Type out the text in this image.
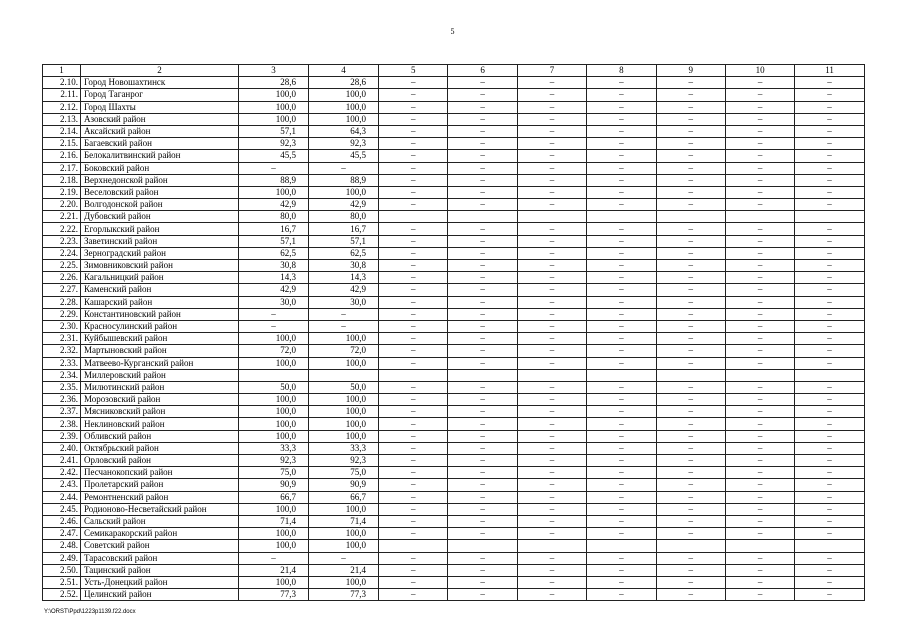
5
1	2	3	4	5	6	7	8	9	10	11
2.10.	Город Новошахтинск	28,6	28,6	–	–	–	–	–	–	–
2.11.	Город Таганрог	100,0	100,0	–	–	–	–	–	–	–
2.12.	Город Шахты	100,0	100,0	–	–	–	–	–	–	–
2.13.	Азовский район	100,0	100,0	–	–	–	–	–	–	–
2.14.	Аксайский район	57,1	64,3	–	–	–	–	–	–	–
2.15.	Багаевский район	92,3	92,3	–	–	–	–	–	–	–
2.16.	Белокалитвинский район	45,5	45,5	–	–	–	–	–	–	–
2.17.	Боковский район	–	–	–	–	–	–	–	–	–
2.18.	Верхнедонской район	88,9	88,9	–	–	–	–	–	–	–
2.19.	Веселовский район	100,0	100,0	–	–	–	–	–	–	–
2.20.	Волгодонской район	42,9	42,9	–	–	–	–	–	–	–
2.21.	Дубовский район	80,0	80,0							
2.22.	Егорлыкский район	16,7	16,7	–	–	–	–	–	–	–
2.23.	Заветинский район	57,1	57,1	–	–	–	–	–	–	–
2.24.	Зерноградский район	62,5	62,5	–	–	–	–	–	–	–
2.25.	Зимовниковский район	30,8	30,8	–	–	–	–	–	–	–
2.26.	Кагальницкий район	14,3	14,3	–	–	–	–	–	–	–
2.27.	Каменский район	42,9	42,9	–	–	–	–	–	–	–
2.28.	Кашарский район	30,0	30,0	–	–	–	–	–	–	–
2.29.	Константиновский район	–	–	–	–	–	–	–	–	–
2.30.	Красносулинский район	–	–	–	–	–	–	–	–	–
2.31.	Куйбышевский район	100,0	100,0	–	–	–	–	–	–	–
2.32.	Мартыновский район	72,0	72,0	–	–	–	–	–	–	–
2.33.	Матвеево-Курганский район	100,0	100,0	–	–	–	–	–	–	–
2.34.	Миллеровский район									
2.35.	Милютинский район	50,0	50,0	–	–	–	–	–	–	–
2.36.	Морозовский район	100,0	100,0	–	–	–	–	–	–	–
2.37.	Мясниковский район	100,0	100,0	–	–	–	–	–	–	–
2.38.	Неклиновский район	100,0	100,0	–	–	–	–	–	–	–
2.39.	Обливский район	100,0	100,0	–	–	–	–	–	–	–
2.40.	Октябрьский район	33,3	33,3	–	–	–	–	–	–	–
2.41.	Орловский район	92,3	92,3	–	–	–	–	–	–	–
2.42.	Песчанокопский район	75,0	75,0	–	–	–	–	–	–	–
2.43.	Пролетарский район	90,9	90,9	–	–	–	–	–	–	–
2.44.	Ремонтненский район	66,7	66,7	–	–	–	–	–	–	–
2.45.	Родионово-Несветайский район	100,0	100,0	–	–	–	–	–	–	–
2.46.	Сальский район	71,4	71,4	–	–	–	–	–	–	–
2.47.	Семикаракорский район	100,0	100,0	–	–	–	–	–	–	–
2.48.	Советский район	100,0	100,0							
2.49.	Тарасовский район	–	–	–	–	–	–	–	–	–
2.50.	Тацинский район	21,4	21,4	–	–	–	–	–	–	–
2.51.	Усть-Донецкий район	100,0	100,0	–	–	–	–	–	–	–
2.52.	Целинский район	77,3	77,3	–	–	–	–	–	–	–
Y:\ORST\Ppd\1223p1139.f22.docx
